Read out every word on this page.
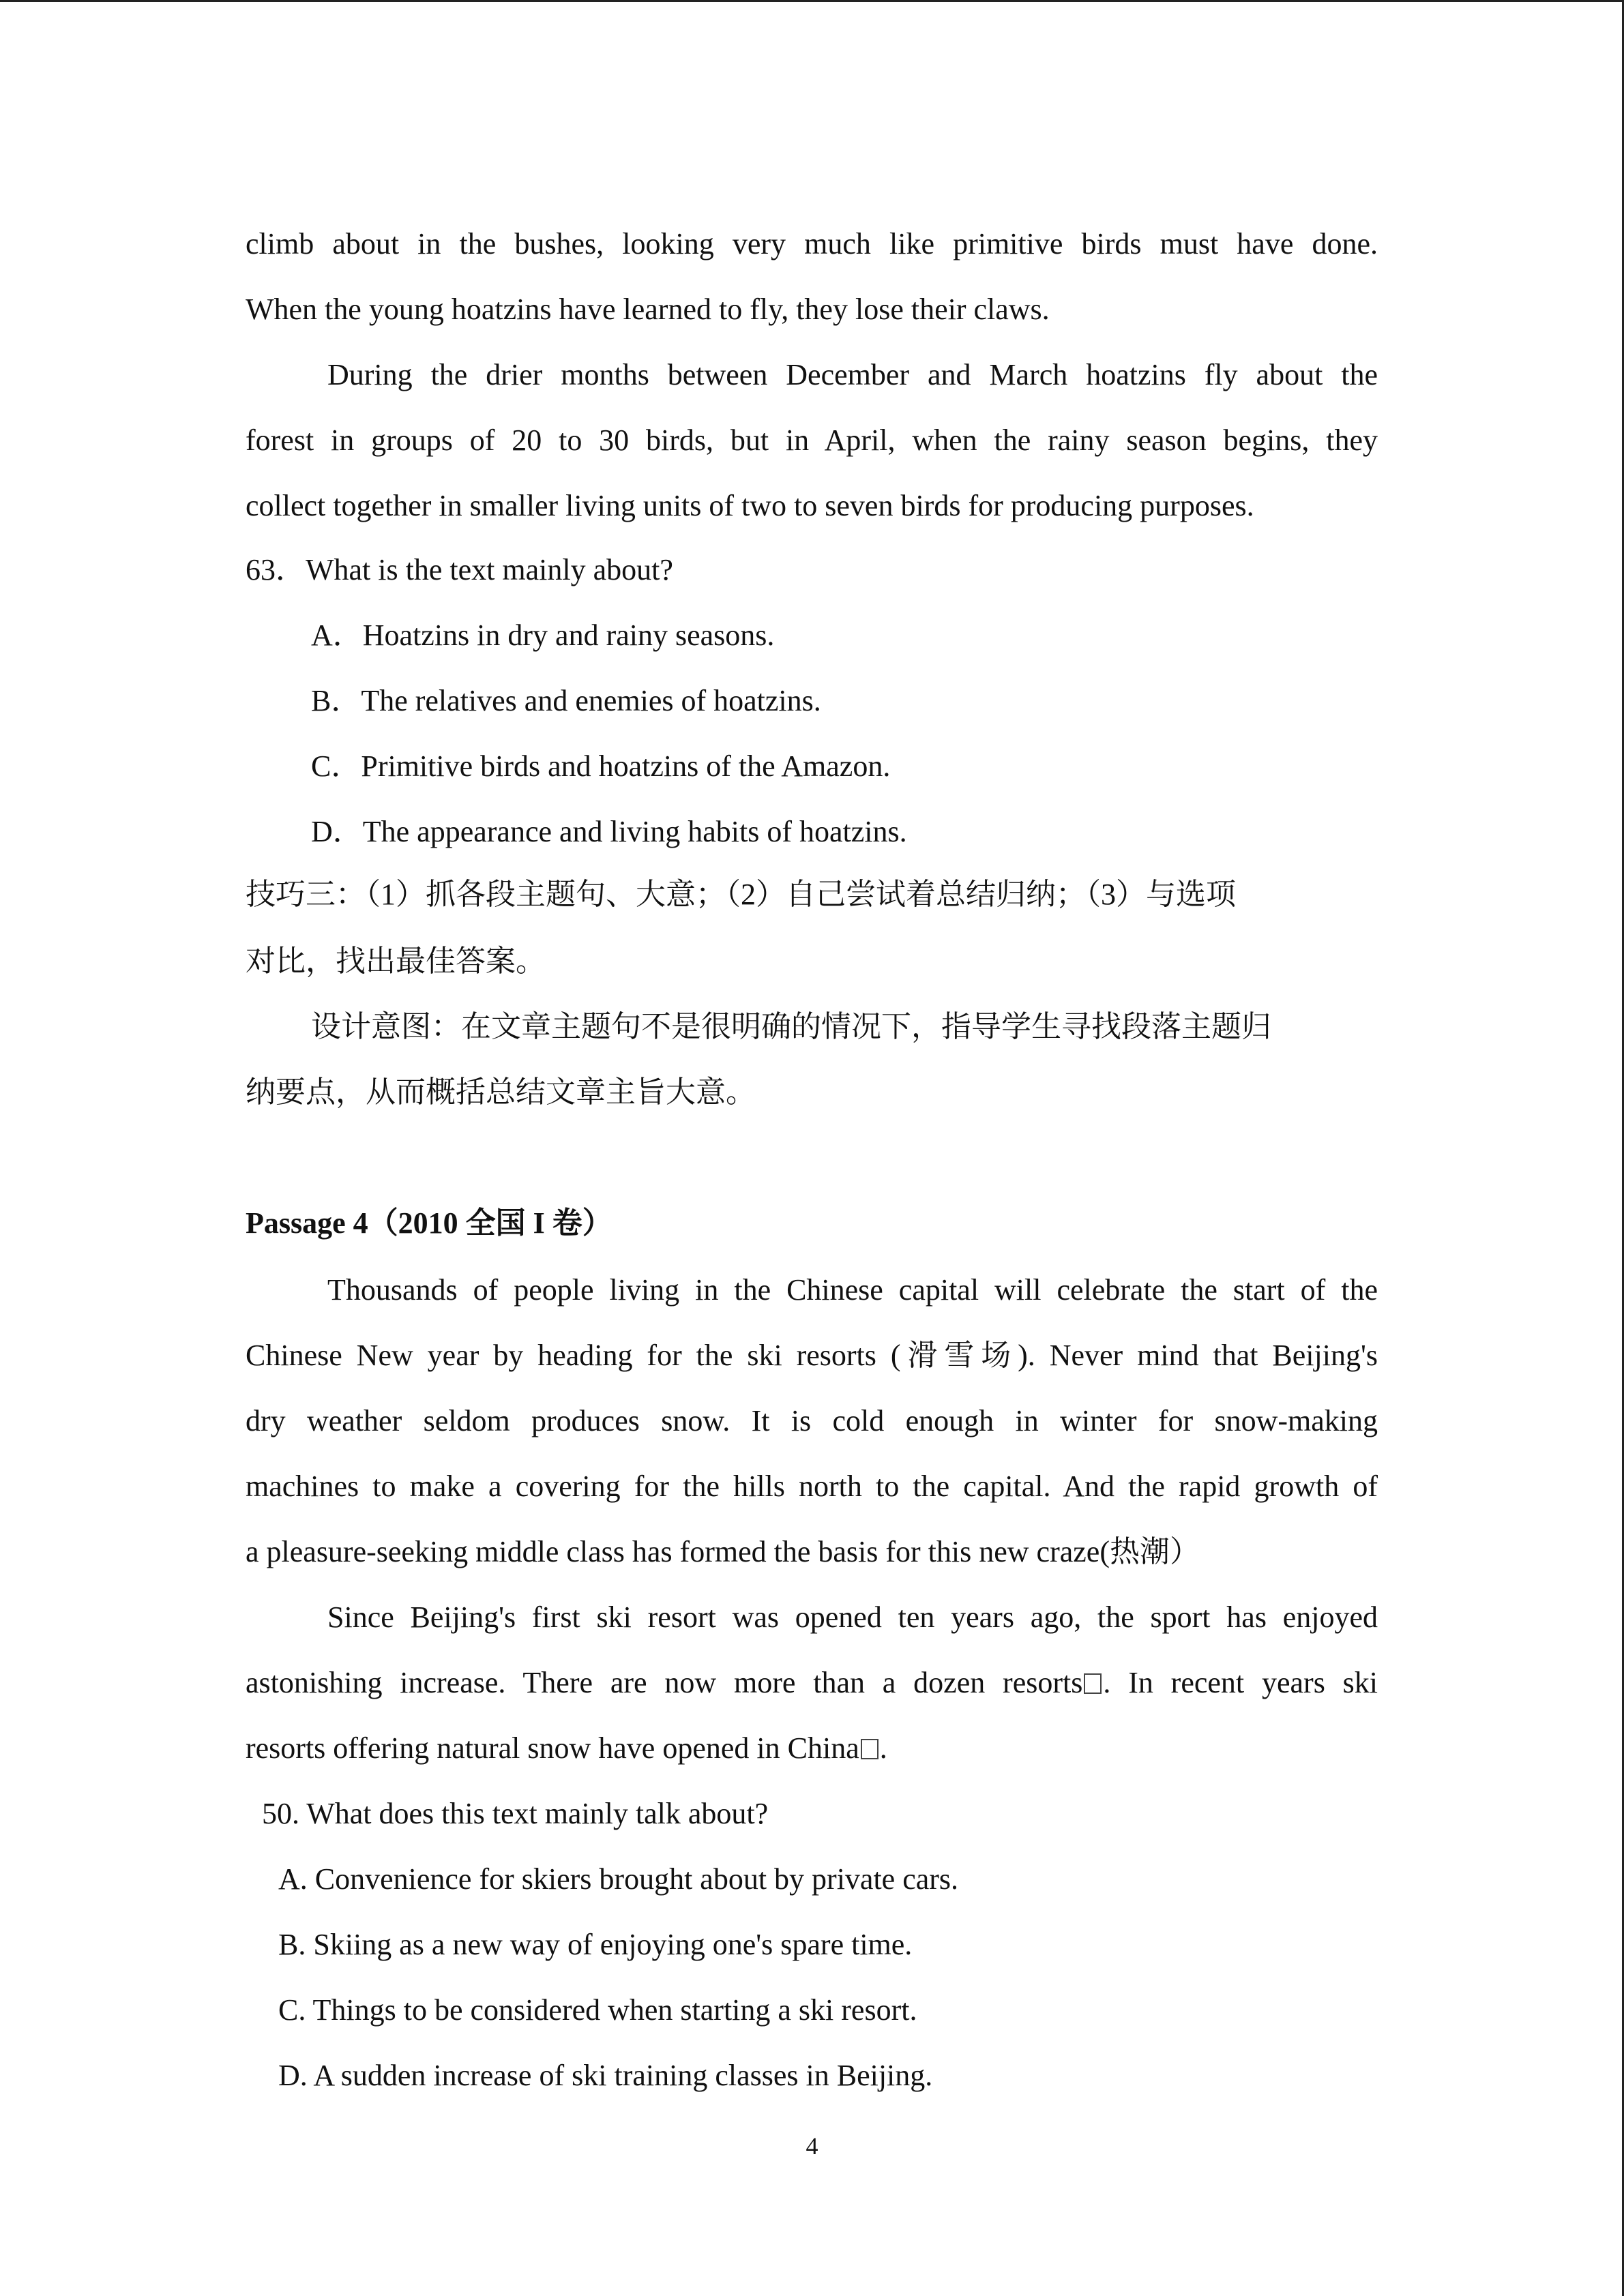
climb about in the bushes, looking very much like primitive birds must have done.
When the young hoatzins have learned to fly, they lose their claws.
During the drier months between December and March hoatzins fly about the
forest in groups of 20 to 30 birds, but in April, when the rainy season begins, they
collect together in smaller living units of two to seven birds for producing purposes.
63．What is the text mainly about?
A．Hoatzins in dry and rainy seasons.
B．The relatives and enemies of hoatzins.
C．Primitive birds and hoatzins of the Amazon.
D．The appearance and living habits of hoatzins.
技巧三：（1）抓各段主题句、大意；（2）自己尝试着总结归纳；（3）与选项
对比，找出最佳答案。
设计意图：在文章主题句不是很明确的情况下，指导学生寻找段落主题归
纳要点，从而概括总结文章主旨大意。
Passage 4（2010 全国 I 卷）
Thousands of people living in the Chinese capital will celebrate the start of the
Chinese New year by heading for the ski resorts (滑雪场). Never mind that Beijing's
dry weather seldom produces snow. It is cold enough in winter for snow-making
machines to make a covering for the hills north to the capital. And the rapid growth of
a pleasure-seeking middle class has formed the basis for this new craze(热潮）
Since Beijing's first ski resort was opened ten years ago, the sport has enjoyed
astonishing increase. There are now more than a dozen resorts . In recent years ski
resorts offering natural snow have opened in China .
50. What does this text mainly talk about?
A. Convenience for skiers brought about by private cars.
B. Skiing as a new way of enjoying one's spare time.
C. Things to be considered when starting a ski resort.
D. A sudden increase of ski training classes in Beijing.
4
